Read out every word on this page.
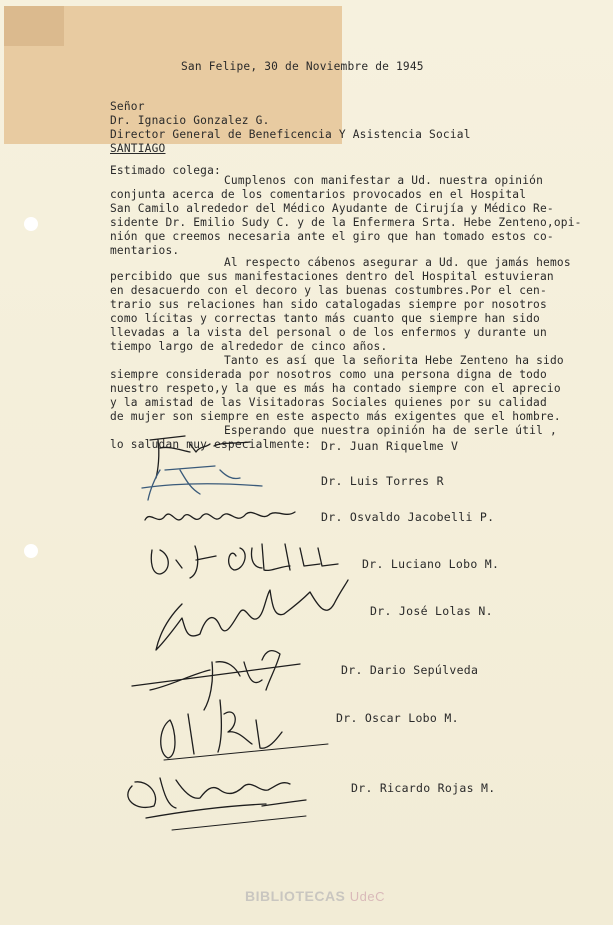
San Felipe, 30 de Noviembre de 1945
Señor
Dr. Ignacio Gonzalez G.
Director General de Beneficencia Y Asistencia Social
SANTIAGO
Estimado colega:
Cumplenos con manifestar a Ud. nuestra opinión
conjunta acerca de los comentarios provocados en el Hospital
San Camilo alrededor del Médico Ayudante de Cirujía y Médico Re-
sidente Dr. Emilio Sudy C. y de la Enfermera Srta. Hebe Zenteno,opi-
nión que creemos necesaria ante el giro que han tomado estos co-
mentarios.
Al respecto cábenos asegurar a Ud. que jamás hemos
percibido que sus manifestaciones dentro del Hospital estuvieran
en desacuerdo con el decoro y las buenas costumbres.Por el cen-
trario sus relaciones han sido catalogadas siempre por nosotros
como lícitas y correctas tanto más cuanto que siempre han sido
llevadas a la vista del personal o de los enfermos y durante un
tiempo largo de alrededor de cinco años.
Tanto es así que la señorita Hebe Zenteno ha sido
siempre considerada por nosotros como una persona digna de todo
nuestro respeto,y la que es más ha contado siempre con el aprecio
y la amistad de las Visitadoras Sociales quienes por su calidad
de mujer son siempre en este aspecto más exigentes que el hombre.
Esperando que nuestra opinión ha de serle útil ,
lo saludan muy especialmente: Dr. Juan Riquelme V
Dr. Luis Torres R
Dr. Osvaldo Jacobelli P.
Dr. Luciano Lobo M.
Dr. José Lolas N.
Dr. Dario Sepúlveda
Dr. Oscar Lobo M.
Dr. Ricardo Rojas M.
BIBLIOTECAS UdeC
